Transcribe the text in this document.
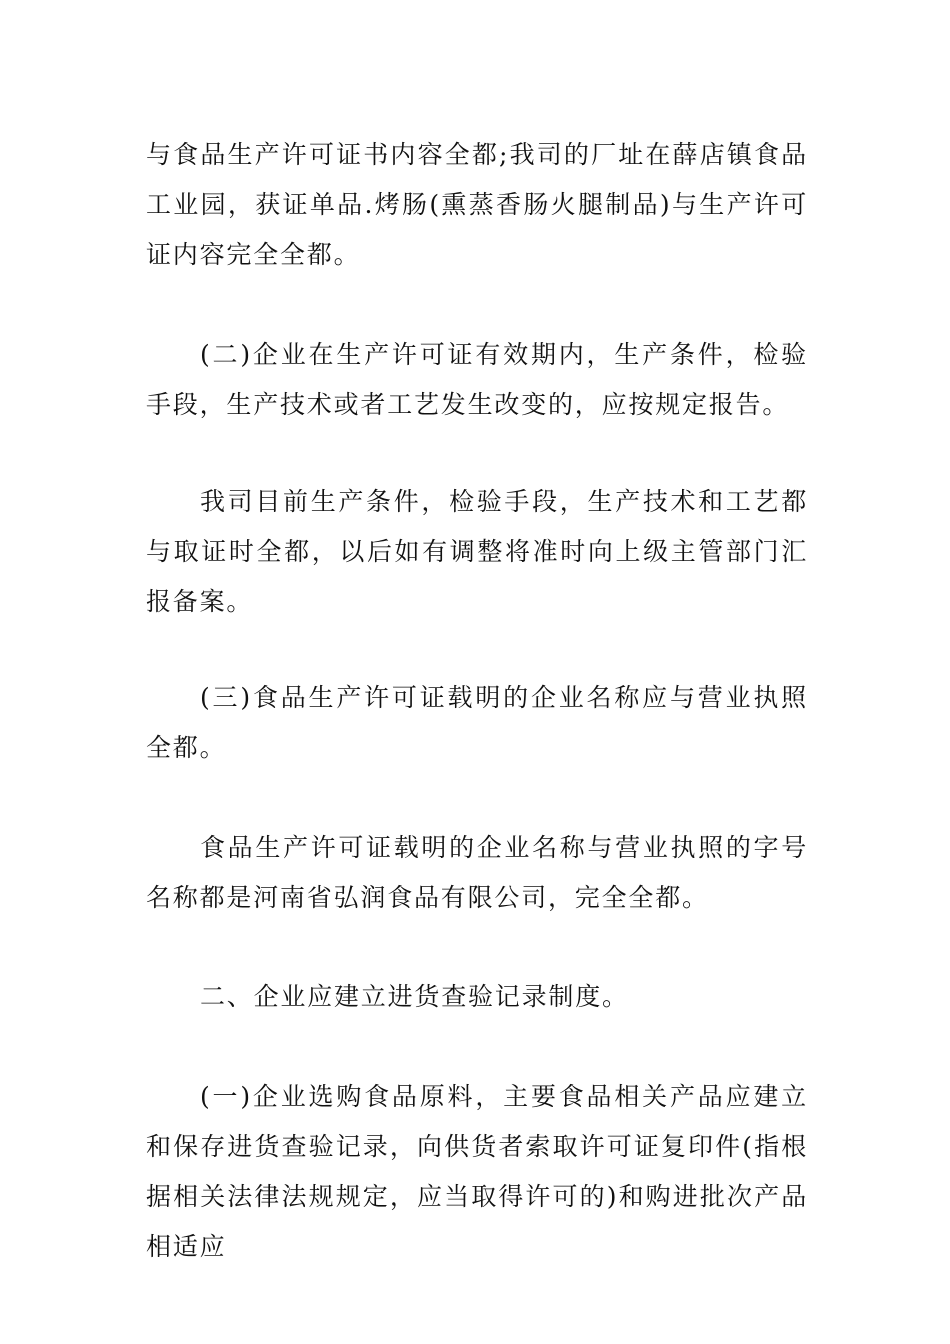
与食品生产许可证书内容全都;我司的厂址在薛店镇食品工业园，获证单品.烤肠(熏蒸香肠火腿制品)与生产许可证内容完全全都。

(二)企业在生产许可证有效期内，生产条件，检验手段，生产技术或者工艺发生改变的，应按规定报告。

我司目前生产条件，检验手段，生产技术和工艺都与取证时全都，以后如有调整将准时向上级主管部门汇报备案。

(三)食品生产许可证载明的企业名称应与营业执照全都。

食品生产许可证载明的企业名称与营业执照的字号名称都是河南省弘润食品有限公司，完全全都。

二、企业应建立进货查验记录制度。

(一)企业选购食品原料，主要食品相关产品应建立和保存进货查验记录，向供货者索取许可证复印件(指根据相关法律法规规定，应当取得许可的)和购进批次产品相适应
